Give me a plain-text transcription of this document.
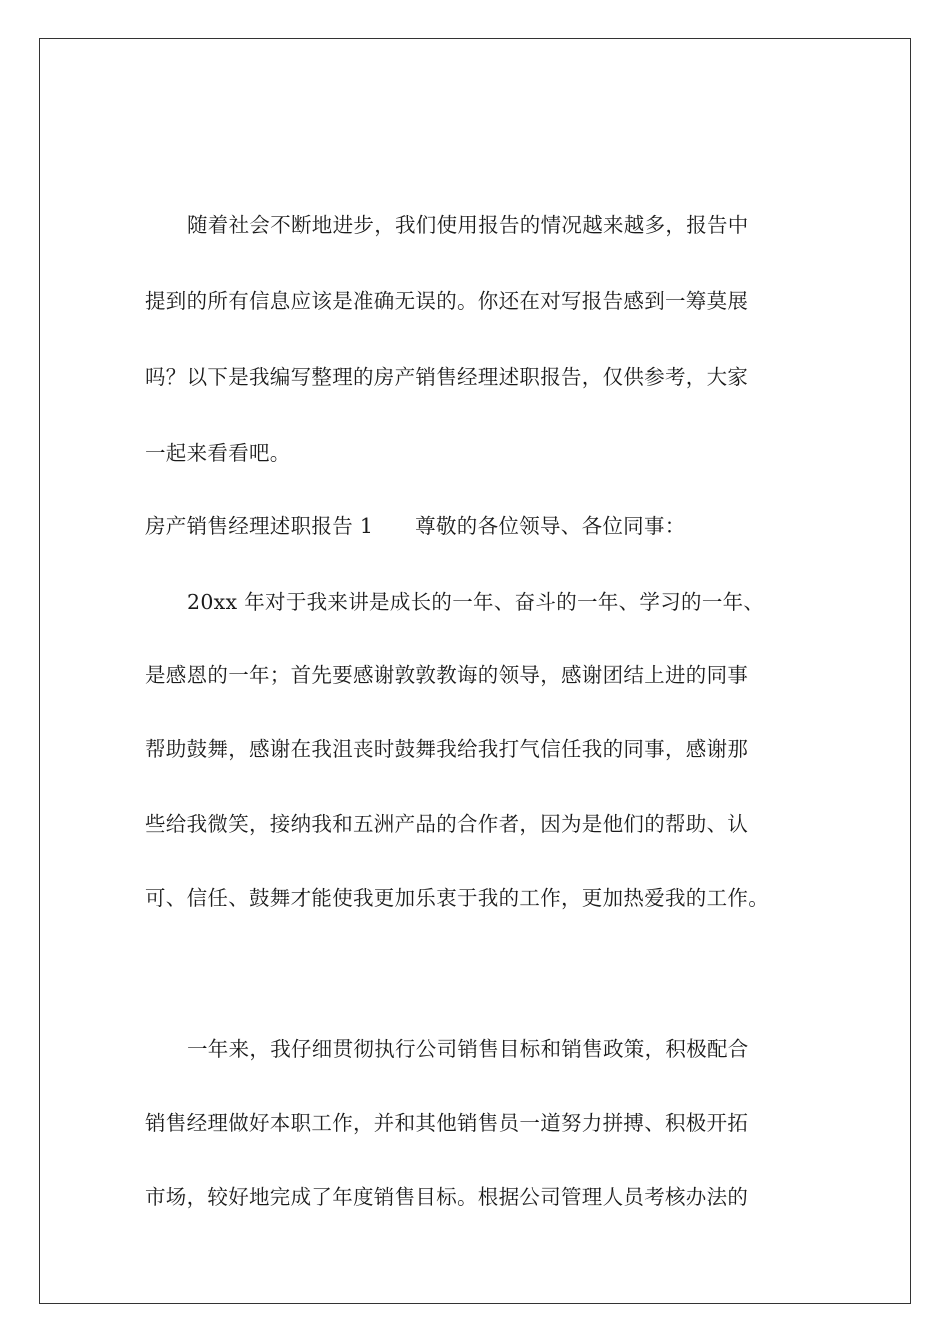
随着社会不断地进步，我们使用报告的情况越来越多，报告中
提到的所有信息应该是准确无误的。你还在对写报告感到一筹莫展
吗？以下是我编写整理的房产销售经理述职报告，仅供参考，大家
一起来看看吧。
房产销售经理述职报告 1 尊敬的各位领导、各位同事：
20xx 年对于我来讲是成长的一年、奋斗的一年、学习的一年、
是感恩的一年；首先要感谢敦敦教诲的领导，感谢团结上进的同事
帮助鼓舞，感谢在我沮丧时鼓舞我给我打气信任我的同事，感谢那
些给我微笑，接纳我和五洲产品的合作者，因为是他们的帮助、认
可、信任、鼓舞才能使我更加乐衷于我的工作，更加热爱我的工作。
一年来，我仔细贯彻执行公司销售目标和销售政策，积极配合
销售经理做好本职工作，并和其他销售员一道努力拼搏、积极开拓
市场，较好地完成了年度销售目标。根据公司管理人员考核办法的
